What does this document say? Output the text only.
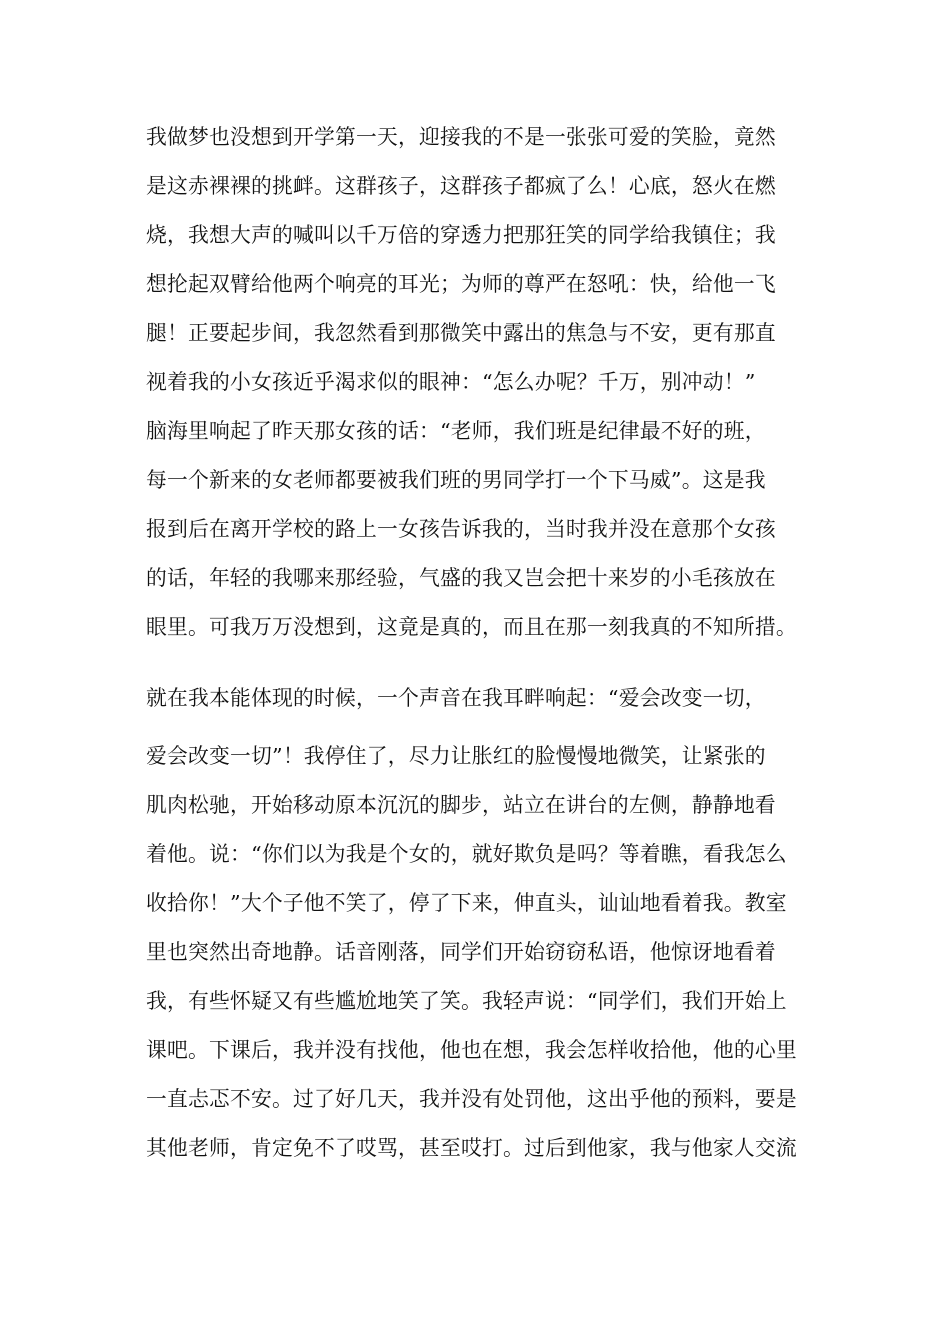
我做梦也没想到开学第一天，迎接我的不是一张张可爱的笑脸，竟然
是这赤裸裸的挑衅。这群孩子，这群孩子都疯了么！心底，怒火在燃
烧，我想大声的喊叫以千万倍的穿透力把那狂笑的同学给我镇住；我
想抡起双臂给他两个响亮的耳光；为师的尊严在怒吼：快，给他一飞
腿！正要起步间，我忽然看到那微笑中露出的焦急与不安，更有那直
视着我的小女孩近乎渴求似的眼神：“怎么办呢？千万，别冲动！”
脑海里响起了昨天那女孩的话：“老师，我们班是纪律最不好的班，
每一个新来的女老师都要被我们班的男同学打一个下马威”。这是我
报到后在离开学校的路上一女孩告诉我的，当时我并没在意那个女孩
的话，年轻的我哪来那经验，气盛的我又岂会把十来岁的小毛孩放在
眼里。可我万万没想到，这竟是真的，而且在那一刻我真的不知所措。
就在我本能体现的时候，一个声音在我耳畔响起：“爱会改变一切，
爱会改变一切”！我停住了，尽力让胀红的脸慢慢地微笑，让紧张的
肌肉松驰，开始移动原本沉沉的脚步，站立在讲台的左侧，静静地看
着他。说：“你们以为我是个女的，就好欺负是吗？等着瞧，看我怎么
收拾你！”大个子他不笑了，停了下来，伸直头，讪讪地看着我。教室
里也突然出奇地静。话音刚落，同学们开始窃窃私语，他惊讶地看着
我，有些怀疑又有些尴尬地笑了笑。我轻声说：“同学们，我们开始上
课吧。下课后，我并没有找他，他也在想，我会怎样收拾他，他的心里
一直忐忑不安。过了好几天，我并没有处罚他，这出乎他的预料，要是
其他老师，肯定免不了哎骂，甚至哎打。过后到他家，我与他家人交流
